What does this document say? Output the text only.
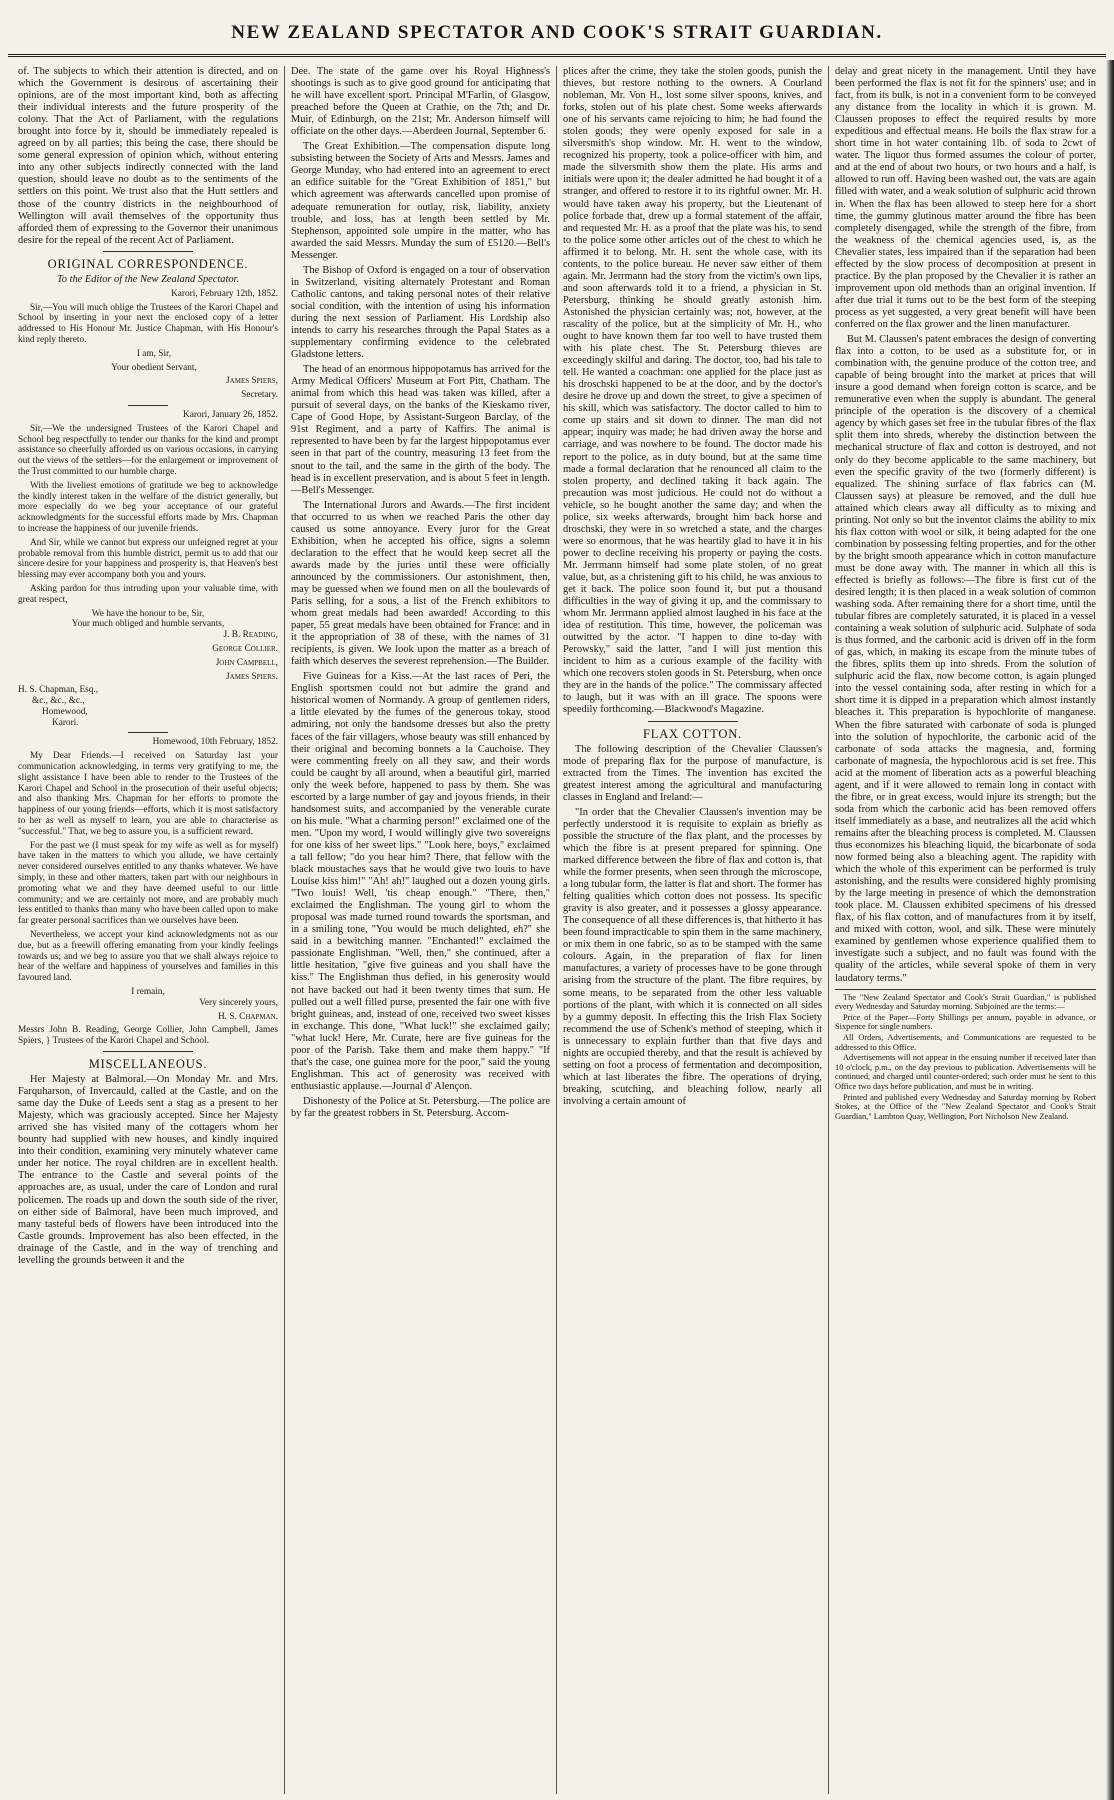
NEW ZEALAND SPECTATOR AND COOK'S STRAIT GUARDIAN.

of. The subjects to which their attention is directed, and on which the Government is desirous of ascertaining their opinions, are of the most important kind, both as affecting their individual interests and the future prosperity of the colony. That the Act of Parliament, with the regulations brought into force by it, should be immediately repealed is agreed on by all parties; this being the case, there should be some general expression of opinion which, without entering into any other subjects indirectly connected with the land question, should leave no doubt as to the sentiments of the settlers on this point. We trust also that the Hutt settlers and those of the country districts in the neighbourhood of Wellington will avail themselves of the opportunity thus afforded them of expressing to the Governor their unanimous desire for the repeal of the recent Act of Parliament.

ORIGINAL CORRESPONDENCE.

To the Editor of the New Zealand Spectator.

Karori, February 12th, 1852.

Sir,—You will much oblige the Trustees of the Karori Chapel and School by inserting in your next the enclosed copy of a letter addressed to His Honour Mr. Justice Chapman, with His Honour's kind reply thereto.

I am, Sir,

Your obedient Servant,

James Spiers,

Secretary.

Karori, January 26, 1852.

Sir,—We the undersigned Trustees of the Karori Chapel and School beg respectfully to tender our thanks for the kind and prompt assistance so cheerfully afforded us on various occasions, in carrying out the views of the settlers—for the enlargement or improvement of the Trust committed to our humble charge.

With the liveliest emotions of gratitude we beg to acknowledge the kindly interest taken in the welfare of the district generally, but more especially do we beg your acceptance of our grateful acknowledgments for the successful efforts made by Mrs. Chapman to increase the happiness of our juvenile friends.

And Sir, while we cannot but express our unfeigned regret at your probable removal from this humble district, permit us to add that our sincere desire for your happiness and prosperity is, that Heaven's best blessing may ever accompany both you and yours.

Asking pardon for thus intruding upon your valuable time, with great respect,

We have the honour to be, Sir,

Your much obliged and humble servants,

J. B. Reading,

George Collier.

John Campbell,

James Spiers.

H. S. Chapman, Esq.,

&c., &c., &c.,

Homewood,

Karori.

Homewood, 10th February, 1852.

My Dear Friends.—I received on Saturday last your communication acknowledging, in terms very gratifying to me, the slight assistance I have been able to render to the Trustees of the Karori Chapel and School in the prosecution of their useful objects; and also thanking Mrs. Chapman for her efforts to promote the happiness of our young friends—efforts, which it is most satisfactory to her as well as myself to learn, you are able to characterise as "successful." That, we beg to assure you, is a sufficient reward.

For the past we (I must speak for my wife as well as for myself) have taken in the matters to which you allude, we have certainly never considered ourselves entitled to any thanks whatever. We have simply, in these and other matters, taken part with our neighbours in promoting what we and they have deemed useful to our little community; and we are certainly not more, and are probably much less entitled to thanks than many who have been called upon to make far greater personal sacrifices than we ourselves have been.

Nevertheless, we accept your kind acknowledgments not as our due, but as a freewill offering emanating from your kindly feelings towards us; and we beg to assure you that we shall always rejoice to hear of the welfare and happiness of yourselves and families in this favoured land.

I remain,

Very sincerely yours,

H. S. Chapman.

Messrs John B. Reading, George Collier, John Campbell, James Spiers, } Trustees of the Karori Chapel and School.

MISCELLANEOUS.

Her Majesty at Balmoral.—On Monday Mr. and Mrs. Farquharson, of Invercauld, called at the Castle, and on the same day the Duke of Leeds sent a stag as a present to her Majesty, which was graciously accepted. Since her Majesty arrived she has visited many of the cottagers whom her bounty had supplied with new houses, and kindly inquired into their condition, examining very minutely whatever came under her notice. The royal children are in excellent health. The entrance to the Castle and several points of the approaches are, as usual, under the care of London and rural policemen. The roads up and down the south side of the river, on either side of Balmoral, have been much improved, and many tasteful beds of flowers have been introduced into the Castle grounds. Improvement has also been effected, in the drainage of the Castle, and in the way of trenching and levelling the grounds between it and the

Dee. The state of the game over his Royal Highness's shootings is such as to give good ground for anticipating that he will have excellent sport. Principal M'Farlin, of Glasgow, preached before the Queen at Crathie, on the 7th; and Dr. Muir, of Edinburgh, on the 21st; Mr. Anderson himself will officiate on the other days.—Aberdeen Journal, September 6.

The Great Exhibition.—The compensation dispute long subsisting between the Society of Arts and Messrs. James and George Munday, who had entered into an agreement to erect an edifice suitable for the "Great Exhibition of 1851," but which agreement was afterwards cancelled upon promise of adequate remuneration for outlay, risk, liability, anxiety trouble, and loss, has at length been settled by Mr. Stephenson, appointed sole umpire in the matter, who has awarded the said Messrs. Munday the sum of £5120.—Bell's Messenger.

The Bishop of Oxford is engaged on a tour of observation in Switzerland, visiting alternately Protestant and Roman Catholic cantons, and taking personal notes of their relative social condition, with the intention of using his information during the next session of Parliament. His Lordship also intends to carry his researches through the Papal States as a supplementary confirming evidence to the celebrated Gladstone letters.

The head of an enormous hippopotamus has arrived for the Army Medical Officers' Museum at Fort Pitt, Chatham. The animal from which this head was taken was killed, after a pursuit of several days, on the banks of the Kieskamo river, Cape of Good Hope, by Assistant-Surgeon Barclay, of the 91st Regiment, and a party of Kaffirs. The animal is represented to have been by far the largest hippopotamus ever seen in that part of the country, measuring 13 feet from the snout to the tail, and the same in the girth of the body. The head is in excellent preservation, and is about 5 feet in length.—Bell's Messenger.

The International Jurors and Awards.—The first incident that occurred to us when we reached Paris the other day caused us some annoyance. Every juror for the Great Exhibition, when he accepted his office, signs a solemn declaration to the effect that he would keep secret all the awards made by the juries until these were officially announced by the commissioners. Our astonishment, then, may be guessed when we found men on all the boulevards of Paris selling, for a sous, a list of the French exhibitors to whom great medals had been awarded! According to this paper, 55 great medals have been obtained for France: and in it the appropriation of 38 of these, with the names of 31 recipients, is given. We look upon the matter as a breach of faith which deserves the severest reprehension.—The Builder.

Five Guineas for a Kiss.—At the last races of Peri, the English sportsmen could not but admire the grand and historical women of Normandy. A group of gentlemen riders, a little elevated by the fumes of the generous tokay, stood admiring, not only the handsome dresses but also the pretty faces of the fair villagers, whose beauty was still enhanced by their original and becoming bonnets a la Cauchoise. They were commenting freely on all they saw, and their words could be caught by all around, when a beautiful girl, married only the week before, happened to pass by them. She was escorted by a large number of gay and joyous friends, in their handsomest suits, and accompanied by the venerable curate on his mule. "What a charming person!" exclaimed one of the men. "Upon my word, I would willingly give two sovereigns for one kiss of her sweet lips." "Look here, boys," exclaimed a tall fellow; "do you hear him? There, that fellow with the black moustaches says that he would give two louis to have Louise kiss him!" "Ah! ah!" laughed out a dozen young girls. "Two louis! Well, 'tis cheap enough." "There, then," exclaimed the Englishman. The young girl to whom the proposal was made turned round towards the sportsman, and in a smiling tone, "You would be much delighted, eh?" she said in a bewitching manner. "Enchanted!" exclaimed the passionate Englishman. "Well, then," she continued, after a little hesitation, "give five guineas and you shall have the kiss." The Englishman thus defied, in his generosity would not have backed out had it been twenty times that sum. He pulled out a well filled purse, presented the fair one with five bright guineas, and, instead of one, received two sweet kisses in exchange. This done, "What luck!" she exclaimed gaily; "what luck! Here, Mr. Curate, here are five guineas for the poor of the Parish. Take them and make them happy." "If that's the case, one guinea more for the poor," said the young Englishman. This act of generosity was received with enthusiastic applause.—Journal d' Alençon.

Dishonesty of the Police at St. Petersburg.—The police are by far the greatest robbers in St. Petersburg. Accom-

plices after the crime, they take the stolen goods, punish the thieves, but restore nothing to the owners. A Courland nobleman, Mr. Von H., lost some silver spoons, knives, and forks, stolen out of his plate chest. Some weeks afterwards one of his servants came rejoicing to him; he had found the stolen goods; they were openly exposed for sale in a silversmith's shop window. Mr. H. went to the window, recognized his property, took a police-officer with him, and made the silversmith show them the plate. His arms and initials were upon it; the dealer admitted he had bought it of a stranger, and offered to restore it to its rightful owner. Mr. H. would have taken away his property, but the Lieutenant of police forbade that, drew up a formal statement of the affair, and requested Mr. H. as a proof that the plate was his, to send to the police some other articles out of the chest to which he affirmed it to belong. Mr. H. sent the whole case, with its contents, to the police bureau. He never saw either of them again. Mr. Jerrmann had the story from the victim's own lips, and soon afterwards told it to a friend, a physician in St. Petersburg, thinking he should greatly astonish him. Astonished the physician certainly was; not, however, at the rascality of the police, but at the simplicity of Mr. H., who ought to have known them far too well to have trusted them with his plate chest. The St. Petersburg thieves are exceedingly skilful and daring. The doctor, too, had his tale to tell. He wanted a coachman: one applied for the place just as his droschski happened to be at the door, and by the doctor's desire he drove up and down the street, to give a specimen of his skill, which was satisfactory. The doctor called to him to come up stairs and sit down to dinner. The man did not appear; inquiry was made; he had driven away the horse and carriage, and was nowhere to be found. The doctor made his report to the police, as in duty bound, but at the same time made a formal declaration that he renounced all claim to the stolen property, and declined taking it back again. The precaution was most judicious. He could not do without a vehicle, so he bought another the same day; and when the police, six weeks afterwards, brought him back horse and droschski, they were in so wretched a state, and the charges were so enormous, that he was heartily glad to have it in his power to decline receiving his property or paying the costs. Mr. Jerrmann himself had some plate stolen, of no great value, but, as a christening gift to his child, he was anxious to get it back. The police soon found it, but put a thousand difficulties in the way of giving it up, and the commissary to whom Mr. Jerrmann applied almost laughed in his face at the idea of restitution. This time, however, the policeman was outwitted by the actor. "I happen to dine to-day with Perowsky," said the latter, "and I will just mention this incident to him as a curious example of the facility with which one recovers stolen goods in St. Petersburg, when once they are in the hands of the police." The commissary affected to laugh, but it was with an ill grace. The spoons were speedily forthcoming.—Blackwood's Magazine.

FLAX COTTON.

The following description of the Chevalier Claussen's mode of preparing flax for the purpose of manufacture, is extracted from the Times. The invention has excited the greatest interest among the agricultural and manufacturing classes in England and Ireland:—

"In order that the Chevalier Claussen's invention may be perfectly understood it is requisite to explain as briefly as possible the structure of the flax plant, and the processes by which the fibre is at present prepared for spinning. One marked difference between the fibre of flax and cotton is, that while the former presents, when seen through the microscope, a long tubular form, the latter is flat and short. The former has felting qualities which cotton does not possess. Its specific gravity is also greater, and it possesses a glossy appearance. The consequence of all these differences is, that hitherto it has been found impracticable to spin them in the same machinery, or mix them in one fabric, so as to be stamped with the same colours. Again, in the preparation of flax for linen manufactures, a variety of processes have to be gone through arising from the structure of the plant. The fibre requires, by some means, to be separated from the other less valuable portions of the plant, with which it is connected on all sides by a gummy deposit. In effecting this the Irish Flax Society recommend the use of Schenk's method of steeping, which it is unnecessary to explain further than that five days and nights are occupied thereby, and that the result is achieved by setting on foot a process of fermentation and decomposition, which at last liberates the fibre. The operations of drying, breaking, scutching, and bleaching follow, nearly all involving a certain amount of

delay and great nicety in the management. Until they have been performed the flax is not fit for the spinners' use; and in fact, from its bulk, is not in a convenient form to be conveyed any distance from the locality in which it is grown. M. Claussen proposes to effect the required results by more expeditious and effectual means. He boils the flax straw for a short time in hot water containing 1lb. of soda to 2cwt of water. The liquor thus formed assumes the colour of porter, and at the end of about two hours, or two hours and a half, is allowed to run off. Having been washed out, the vats are again filled with water, and a weak solution of sulphuric acid thrown in. When the flax has been allowed to steep here for a short time, the gummy glutinous matter around the fibre has been completely disengaged, while the strength of the fibre, from the weakness of the chemical agencies used, is, as the Chevalier states, less impaired than if the separation had been effected by the slow process of decomposition at present in practice. By the plan proposed by the Chevalier it is rather an improvement upon old methods than an original invention. If after due trial it turns out to be the best form of the steeping process as yet suggested, a very great benefit will have been conferred on the flax grower and the linen manufacturer.

But M. Claussen's patent embraces the design of converting flax into a cotton, to be used as a substitute for, or in combination with, the genuine produce of the cotton tree, and capable of being brought into the market at prices that will insure a good demand when foreign cotton is scarce, and be remunerative even when the supply is abundant. The general principle of the operation is the discovery of a chemical agency by which gases set free in the tubular fibres of the flax split them into shreds, whereby the distinction between the mechanical structure of flax and cotton is destroyed, and not only do they become applicable to the same machinery, but even the specific gravity of the two (formerly different) is equalized. The shining surface of flax fabrics can (M. Claussen says) at pleasure be removed, and the dull hue attained which clears away all difficulty as to mixing and printing. Not only so but the inventor claims the ability to mix his flax cotton with wool or silk, it being adapted for the one combination by possessing felting properties, and for the other by the bright smooth appearance which in cotton manufacture must be done away with. The manner in which all this is effected is briefly as follows:—The fibre is first cut of the desired length; it is then placed in a weak solution of common washing soda. After remaining there for a short time, until the tubular fibres are completely saturated, it is placed in a vessel containing a weak solution of sulphuric acid. Sulphate of soda is thus formed, and the carbonic acid is driven off in the form of gas, which, in making its escape from the minute tubes of the fibres, splits them up into shreds. From the solution of sulphuric acid the flax, now become cotton, is again plunged into the vessel containing soda, after resting in which for a short time it is dipped in a preparation which almost instantly bleaches it. This preparation is hypochlorite of manganese. When the fibre saturated with carbonate of soda is plunged into the solution of hypochlorite, the carbonic acid of the carbonate of soda attacks the magnesia, and, forming carbonate of magnesia, the hypochlorous acid is set free. This acid at the moment of liberation acts as a powerful bleaching agent, and if it were allowed to remain long in contact with the fibre, or in great excess, would injure its strength; but the soda from which the carbonic acid has been removed offers itself immediately as a base, and neutralizes all the acid which remains after the bleaching process is completed. M. Claussen thus economizes his bleaching liquid, the bicarbonate of soda now formed being also a bleaching agent. The rapidity with which the whole of this experiment can be performed is truly astonishing, and the results were considered highly promising by the large meeting in presence of which the demonstration took place. M. Claussen exhibited specimens of his dressed flax, of his flax cotton, and of manufactures from it by itself, and mixed with cotton, wool, and silk. These were minutely examined by gentlemen whose experience qualified them to investigate such a subject, and no fault was found with the quality of the articles, while several spoke of them in very laudatory terms."

The "New Zealand Spectator and Cook's Strait Guardian," is published every Wednesday and Saturday morning. Subjoined are the terms:—

Price of the Paper—Forty Shillings per annum, payable in advance, or Sixpence for single numbers.

All Orders, Advertisements, and Communications are requested to be addressed to this Office.

Advertisements will not appear in the ensuing number if received later than 10 o'clock, p.m., on the day previous to publication. Advertisements will be continued, and charged until counter-ordered; such order must be sent to this Office two days before publication, and must be in writing.

Printed and published every Wednesday and Saturday morning by Robert Stokes, at the Office of the "New Zealand Spectator and Cook's Strait Guardian," Lambton Quay, Wellington, Port Nicholson New Zealand.
